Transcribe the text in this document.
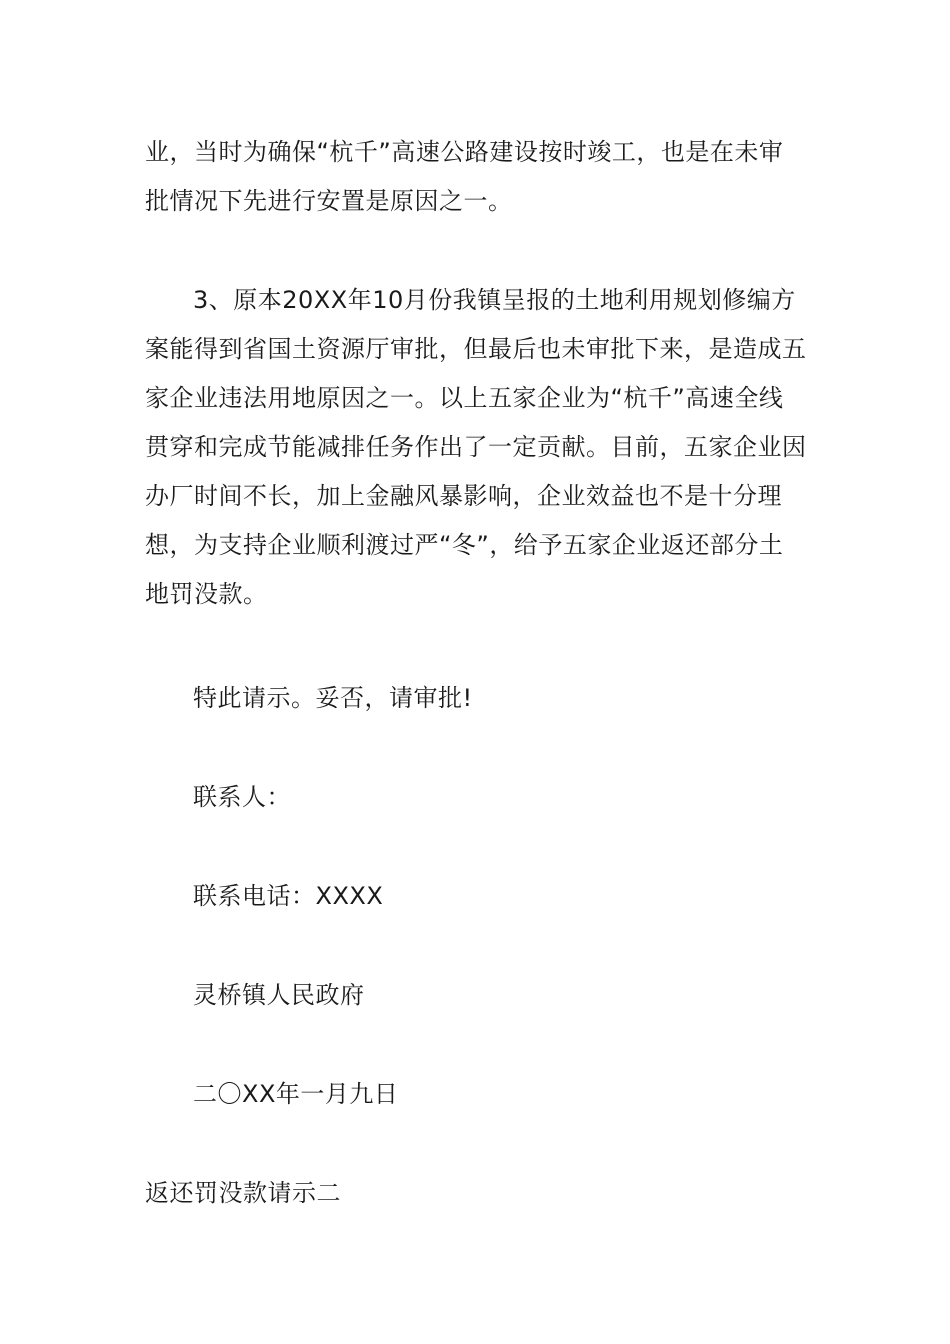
业，当时为确保“杭千”高速公路建设按时竣工，也是在未审批情况下先进行安置是原因之一。

3、原本20XX年10月份我镇呈报的土地利用规划修编方案能得到省国土资源厅审批，但最后也未审批下来，是造成五家企业违法用地原因之一。以上五家企业为“杭千”高速全线贯穿和完成节能减排任务作出了一定贡献。目前，五家企业因办厂时间不长，加上金融风暴影响，企业效益也不是十分理想，为支持企业顺利渡过严“冬”，给予五家企业返还部分土地罚没款。

特此请示。妥否，请审批!

联系人：

联系电话：XXXX

灵桥镇人民政府

二〇XX年一月九日

返还罚没款请示二
